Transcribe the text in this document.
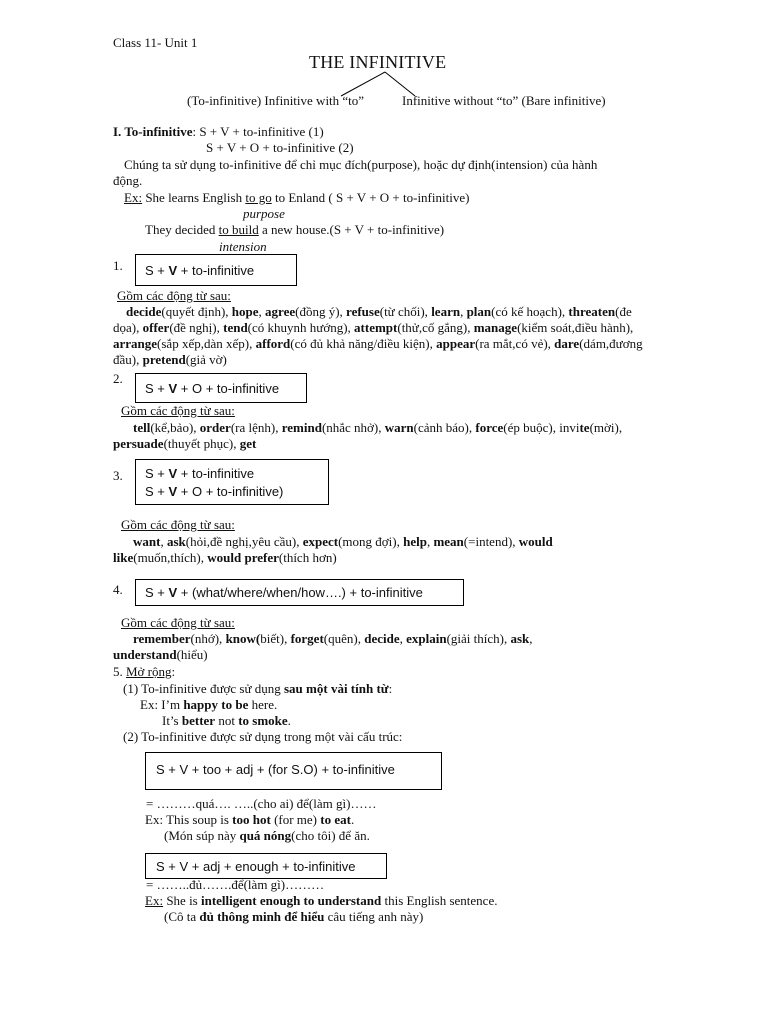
Class 11- Unit 1
THE INFINITIVE
(To-infinitive) Infinitive with “to”	Infinitive without “to” (Bare infinitive)
I. To-infinitive: S + V + to-infinitive (1)
S + V + O + to-infinitive (2)
Chúng ta sử dụng to-infinitive để chỉ mục đích(purpose), hoặc dự định(intension) của hành
động.
Ex: She learns English to go to Enland ( S + V + O + to-infinitive)
purpose
They decided to build a new house.(S + V + to-infinitive)
intension
1. S + V + to-infinitive
Gồm các động từ sau:
decide(quyết định), hope, agree(đồng ý), refuse(từ chối), learn, plan(có kế hoạch), threaten(đe dọa), offer(đề nghị), tend(có khuynh hướng), attempt(thử,cố gắng), manage(kiểm soát,điều hành), arrange(sắp xếp,dàn xếp), afford(có đủ khả năng/điều kiện), appear(ra mắt,có vẻ), dare(dám,đương đầu), pretend(giả vờ)
2.
S + V + O + to-infinitive
Gồm các động từ sau:
tell(kể,bảo), order(ra lệnh), remind(nhắc nhở), warn(cảnh báo), force(ép buộc), invite(mời), persuade(thuyết phục), get
3. S + V + to-infinitive
S + V + O + to-infinitive)
Gồm các động từ sau:
want, ask(hỏi,đề nghị,yêu cầu), expect(mong đợi), help, mean(=intend), would like(muốn,thích), would prefer(thích hơn)
4. S + V + (what/where/when/how….) + to-infinitive
Gồm các động từ sau:
remember(nhớ), know(biết), forget(quên), decide, explain(giải thích), ask, understand(hiểu)
5. Mở rộng:
(1) To-infinitive được sử dụng sau một vài tính từ:
Ex: I’m happy to be here.
It’s better not to smoke.
(2) To-infinitive được sử dụng trong một vài cấu trúc:
S + V + too + adj + (for S.O) + to-infinitive
= ………quá…. …..(cho ai) để(làm gì)……
Ex: This soup is too hot (for me) to eat.
(Món súp này quá nóng(cho tôi) để ăn.
S + V + adj + enough + to-infinitive
= ……..đủ…….để(làm gì)………
Ex: She is intelligent enough to understand this English sentence.
(Cô ta đủ thông minh để hiểu câu tiếng anh này)
